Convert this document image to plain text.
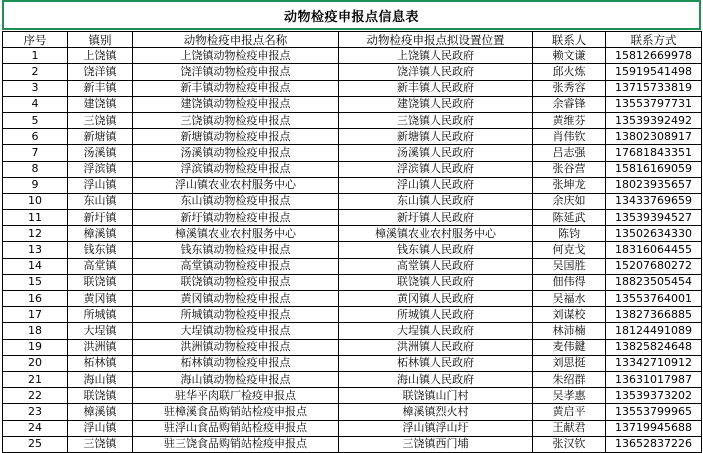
动物检疫申报点信息表
序号	镇别	动物检疫申报点名称	动物检疫申报点拟设置位置	联系人	联系方式
1	上饶镇	上饶镇动物检疫申报点	上饶镇人民政府	赖文谦	15812669978
2	饶洋镇	饶洋镇动物检疫申报点	饶洋镇人民政府	邱火炼	15919541498
3	新丰镇	新丰镇动物检疫申报点	新丰镇人民政府	张秀容	13715733819
4	建饶镇	建饶镇动物检疫申报点	建饶镇人民政府	余睿锋	13553797731
5	三饶镇	三饶镇动物检疫申报点	三饶镇人民政府	黄维芬	13539392492
6	新塘镇	新塘镇动物检疫申报点	新塘镇人民政府	肖伟钦	13802308917
7	汤溪镇	汤溪镇动物检疫申报点	汤溪镇人民政府	吕志强	17681843351
8	浮滨镇	浮滨镇动物检疫申报点	浮滨镇人民政府	张谷营	15816169059
9	浮山镇	浮山镇农业农村服务中心	浮山镇人民政府	张坤龙	18023935657
10	东山镇	东山镇动物检疫申报点	东山镇人民政府	余庆如	13433769659
11	新圩镇	新圩镇动物检疫申报点	新圩镇人民政府	陈延武	13539394527
12	樟溪镇	樟溪镇农业农村服务中心	樟溪镇农业农村服务中心	陈钧	13502634330
13	钱东镇	钱东镇动物检疫申报点	钱东镇人民政府	何克戈	18316064455
14	高堂镇	高堂镇动物检疫申报点	高堂镇人民政府	吴国胜	15207680272
15	联饶镇	联饶镇动物检疫申报点	联饶镇人民政府	佃伟得	18823505454
16	黄冈镇	黄冈镇动物检疫申报点	黄冈镇人民政府	吴福水	13553764001
17	所城镇	所城镇动物检疫申报点	所城镇人民政府	刘谋校	13827366885
18	大埕镇	大埕镇动物检疫申报点	大埕镇人民政府	林沛楠	18124491089
19	洪洲镇	洪洲镇动物检疫申报点	洪洲镇人民政府	麦伟鍵	13825824648
20	柘林镇	柘林镇动物检疫申报点	柘林镇人民政府	刘思挺	13342710912
21	海山镇	海山镇动物检疫申报点	海山镇人民政府	朱绍群	13631017987
22	联饶镇	驻华平肉联厂检疫申报点	联饶镇山门村	吴孝惠	13539373202
23	樟溪镇	驻樟溪食品购销站检疫申报点	樟溪镇烈火村	黄启平	13553799965
24	浮山镇	驻浮山食品购销站检疫申报点	浮山镇浮山圩	王献君	13719945688
25	三饶镇	驻三饶食品购销站检疫申报点	三饶镇西门埔	张汉钦	13652837226
